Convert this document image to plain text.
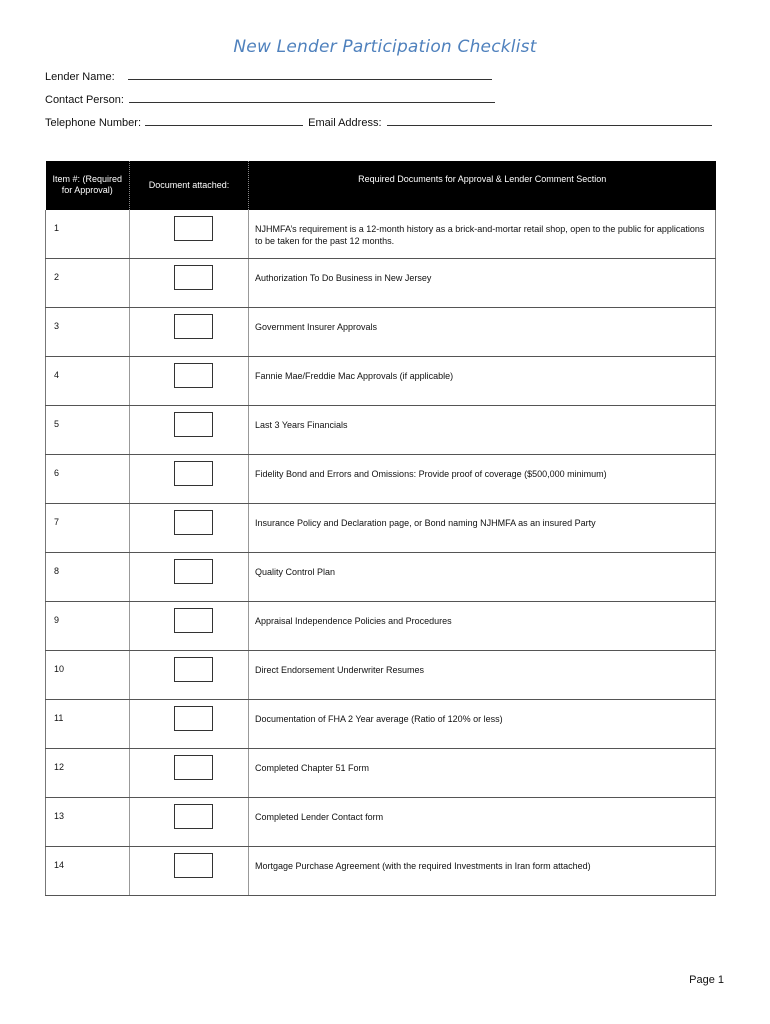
New Lender Participation Checklist
Lender Name:
Contact Person:
Telephone Number:	Email Address:
Item #: (Required for Approval)	Document attached:	Required Documents for Approval & Lender Comment Section
1		NJHMFA’s requirement is a 12-month history as a brick-and-mortar retail shop, open to the public for applications to be taken for the past 12 months.
2		Authorization To Do Business in New Jersey
3		Government Insurer Approvals
4		Fannie Mae/Freddie Mac Approvals (if applicable)
5		Last 3 Years Financials
6		Fidelity Bond and Errors and Omissions: Provide proof of coverage ($500,000 minimum)
7		Insurance Policy and Declaration page, or Bond naming NJHMFA as an insured Party
8		Quality Control Plan
9		Appraisal Independence Policies and Procedures
10		Direct Endorsement Underwriter Resumes
11		Documentation of FHA 2 Year average (Ratio of 120% or less)
12		Completed Chapter 51 Form
13		Completed Lender Contact form
14		Mortgage Purchase Agreement (with the required Investments in Iran form attached)
Page 1
